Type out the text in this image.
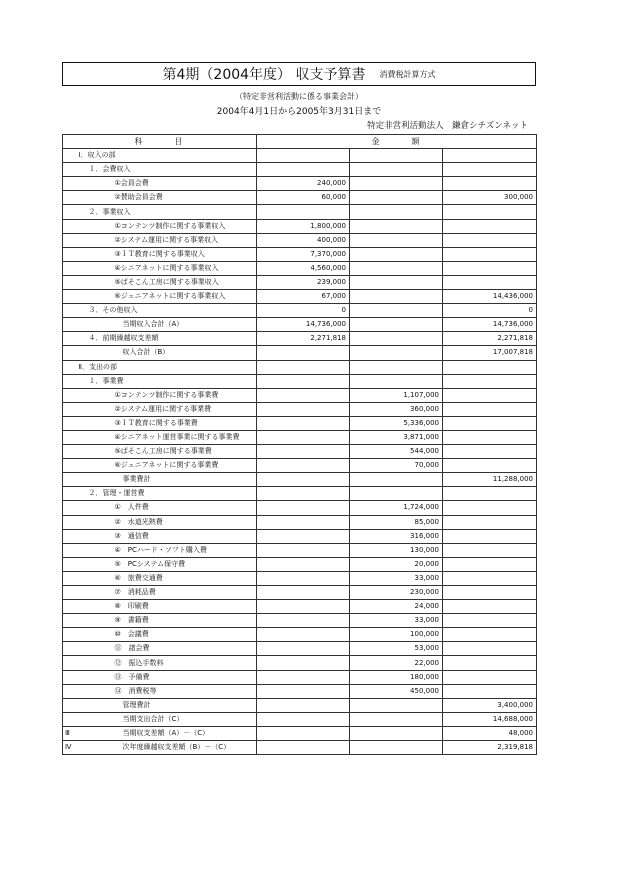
第4期（2004年度） 収支予算書 消費税計算方式
（特定非営利活動に係る事業会計）
2004年4月1日から2005年3月31日まで
特定非営利活動法人　鎌倉シチズンネット
科　　　目		金　　　額		
	Ⅰ．収入の部			
	１．会費収入			
	①会員会費	240,000		
	②賛助会員会費	60,000		300,000
	２．事業収入			
	①コンテンツ制作に関する事業収入	1,800,000		
	②システム運用に関する事業収入	400,000		
	③ＩＴ教育に関する事業収入	7,370,000		
	④シニアネットに関する事業収入	4,560,000		
	⑤ぱそこん工房に関する事業収入	239,000		
	⑥ジュニアネットに関する事業収入	67,000		14,436,000
	３．その他収入	0		0
	当期収入合計（A）	14,736,000		14,736,000
	４．前期繰越収支差額	2,271,818		2,271,818
	収入合計（B）			17,007,818
	Ⅱ．支出の部			
	１．事業費			
	①コンテンツ制作に関する事業費		1,107,000	
	②システム運用に関する事業費		360,000	
	③ＩＴ教育に関する事業費		5,336,000	
	④シニアネット運営事業に関する事業費		3,871,000	
	⑤ぱそこん工房に関する事業費		544,000	
	⑥ジュニアネットに関する事業費		70,000	
	事業費計			11,288,000
	２．管理・運営費			
	①　人件費		1,724,000	
	②　水道光熱費		85,000	
	③　通信費		316,000	
	④　PCハード・ソフト購入費		130,000	
	⑤　PCシステム保守費		20,000	
	⑥　旅費交通費		33,000	
	⑦　消耗品費		230,000	
	⑧　印刷費		24,000	
	⑨　書籍費		33,000	
	⑩　会議費		100,000	
	⑪　諸会費		53,000	
	⑫　振込手数料		22,000	
	⑬　予備費		180,000	
	⑭　消費税等		450,000	
	管理費計			3,400,000
	当期支出合計（C）			14,688,000
Ⅲ	当期収支差額（A）－（C）			48,000
Ⅳ	次年度繰越収支差額（B）－（C）			2,319,818
